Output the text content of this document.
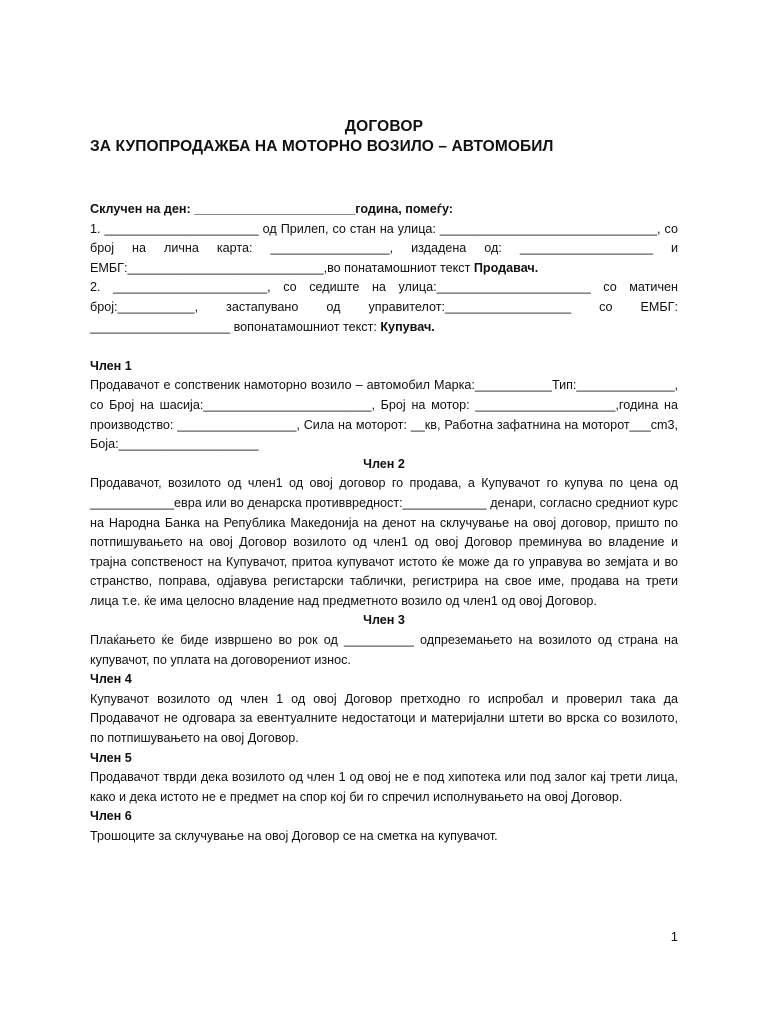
ДОГОВОР
ЗА КУПОПРОДАЖБА НА МОТОРНО ВОЗИЛО – АВТОМОБИЛ

Склучен на ден: _______________________година, помеѓу:

1. ______________________ од Прилеп, со стан на улица: _______________________________, со број на лична карта: _________________, издадена од: ___________________ и ЕМБГ:____________________________,во понатамошниот текст Продавач.

2. ______________________, со седиште на улица:______________________ со матичен број:___________, застапувано од управителот:__________________ со ЕМБГ: ____________________ вопонатамошниот текст: Купувач.

Член 1

Продавачот е сопственик намоторно возило – автомобил Марка:___________Тип:______________, со Број на шасија:________________________, Број на мотор: ____________________,година на производство: _________________, Сила на моторот: __кв, Работна зафатнина на моторот___cm3, Боја:____________________

Член 2

Продавачот, возилото од член1 од овој договор го продава, а Купувачот го купува по цена од ____________евра или во денарска противвредност:____________ денари, согласно средниот курс на Народна Банка на Република Македонија на денот на склучување на овој договор, пришто по потпишувањето на овој Договор возилото од член1 од овој Договор преминува во владение и трајна сопственост на Купувачот, притоа купувачот истото ќе може да го управува во земјата и во странство, поправа, одјавува регистарски таблички, регистрира на свое име, продава на трети лица т.е. ќе има целосно владение над предметното возило од член1 од овој Договор.

Член 3

Плаќањето ќе биде извршено во рок од __________ одпреземањето на возилото од страна на купувачот, по уплата на договорениот износ.

Член 4

Купувачот возилото од член 1 од овој Договор претходно го испробал и проверил така да Продавачот не одговара за евентуалните недостатоци и материјални штети во врска со возилото, по потпишувањето на овој Договор.

Член 5

Продавачот тврди дека возилото од член 1 од овој не е под хипотека или под залог кај трети лица, како и дека истото не е предмет на спор кој би го спречил исполнувањето на овој Договор.

Член 6

Трошоците за склучување на овој Договор се на сметка на купувачот.

1
